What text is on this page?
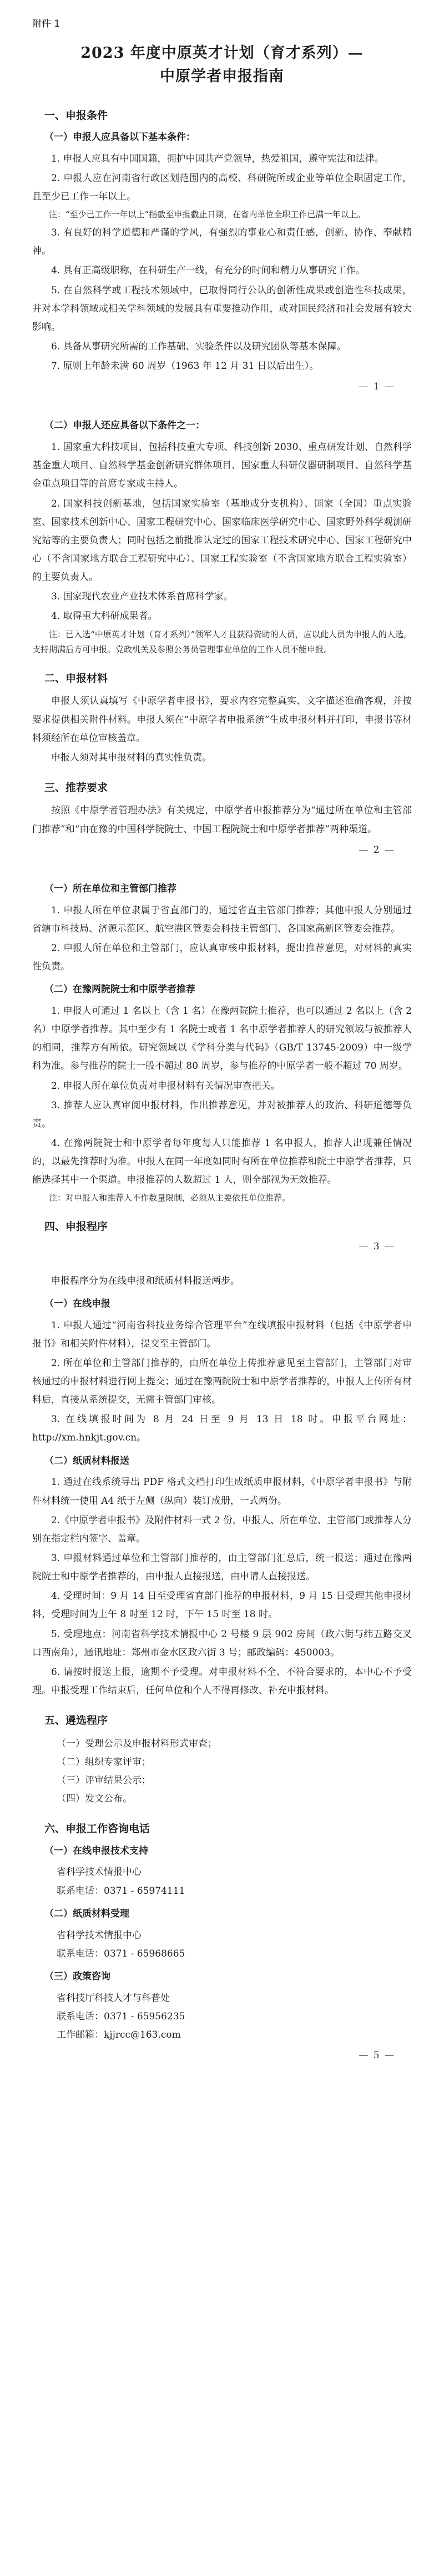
附件 1
2023 年度中原英才计划（育才系列）—
中原学者申报指南
一、申报条件
（一）申报人应具备以下基本条件：

1. 申报人应具有中国国籍，拥护中国共产党领导，热爱祖国，遵守宪法和法律。

2. 申报人应在河南省行政区划范围内的高校、科研院所或企业等单位全职固定工作，且至少已工作一年以上。

注：“至少已工作一年以上”指截至申报截止日期，在省内单位全职工作已满一年以上。

3. 有良好的科学道德和严谨的学风，有强烈的事业心和责任感，创新、协作、奉献精神。

4. 具有正高级职称，在科研生产一线，有充分的时间和精力从事研究工作。

5. 在自然科学或工程技术领域中，已取得同行公认的创新性成果或创造性科技成果，并对本学科领域或相关学科领域的发展具有重要推动作用，或对国民经济和社会发展有较大影响。

6. 具备从事研究所需的工作基础、实验条件以及研究团队等基本保障。

7. 原则上年龄未满 60 周岁（1963 年 12 月 31 日以后出生）。

— 1 —
（二）申报人还应具备以下条件之一：

1. 国家重大科技项目，包括科技重大专项、科技创新 2030、重点研发计划、自然科学基金重大项目、自然科学基金创新研究群体项目、国家重大科研仪器研制项目、自然科学基金重点项目等的首席专家或主持人。

2. 国家科技创新基地，包括国家实验室（基地或分支机构）、国家（全国）重点实验室、国家技术创新中心、国家工程研究中心、国家临床医学研究中心、国家野外科学观测研究站等的主要负责人；同时包括之前批准认定过的国家工程技术研究中心、国家工程研究中心（不含国家地方联合工程研究中心）、国家工程实验室（不含国家地方联合工程实验室）的主要负责人。

3. 国家现代农业产业技术体系首席科学家。

4. 取得重大科研成果者。

注：已入选“中原英才计划（育才系列）”领军人才且获得资助的人员，应以此人员为申报人的人选，支持期满后方可申报。党政机关及参照公务员管理事业单位的工作人员不能申报。

二、申报材料

申报人须认真填写《中原学者申报书》，要求内容完整真实、文字描述准确客观，并按要求提供相关附件材料。申报人须在“中原学者申报系统”生成申报材料并打印，申报书等材料须经所在单位审核盖章。

申报人须对其申报材料的真实性负责。

三、推荐要求

按照《中原学者管理办法》有关规定，中原学者申报推荐分为“通过所在单位和主管部门推荐”和“由在豫的中国科学院院士、中国工程院院士和中原学者推荐”两种渠道。

— 2 —
（一）所在单位和主管部门推荐

1. 申报人所在单位隶属于省直部门的，通过省直主管部门推荐；其他申报人分别通过省辖市科技局、济源示范区、航空港区管委会科技主管部门、各国家高新区管委会推荐。

2. 申报人所在单位和主管部门，应认真审核申报材料，提出推荐意见，对材料的真实性负责。

（二）在豫两院院士和中原学者推荐

1. 申报人可通过 1 名以上（含 1 名）在豫两院院士推荐，也可以通过 2 名以上（含 2 名）中原学者推荐。其中至少有 1 名院士或者 1 名中原学者推荐人的研究领域与被推荐人的相同，推荐方有所依。研究领域以《学科分类与代码》（GB/T 13745-2009）中一级学科为准。参与推荐的院士一般不超过 80 周岁，参与推荐的中原学者一般不超过 70 周岁。

2. 申报人所在单位负责对申报材料有关情况审查把关。

3. 推荐人应认真审阅申报材料，作出推荐意见，并对被推荐人的政治、科研道德等负责。

4. 在豫两院院士和中原学者每年度每人只能推荐 1 名申报人，推荐人出现兼任情况的，以最先推荐时为准。申报人在同一年度如同时有所在单位推荐和院士中原学者推荐，只能选择其中一个渠道。申报推荐的人数超过 1 人，则全部视为无效推荐。

注：对申报人和推荐人不作数量限制，必须从主要依托单位推荐。

四、申报程序
— 3 —

申报程序分为在线申报和纸质材料报送两步。

（一）在线申报

1. 申报人通过“河南省科技业务综合管理平台”在线填报申报材料（包括《中原学者申报书》和相关附件材料），提交至主管部门。

2. 所在单位和主管部门推荐的，由所在单位上传推荐意见至主管部门，主管部门对审核通过的申报材料进行网上提交；通过在豫两院院士和中原学者推荐的，申报人上传所有材料后，直接从系统提交，无需主管部门审核。

3. 在线填报时间为 8 月 24 日至 9 月 13 日 18 时。申报平台网址：http://xm.hnkjt.gov.cn。

（二）纸质材料报送

1. 通过在线系统导出 PDF 格式文档打印生成纸质申报材料，《中原学者申报书》与附件材料统一使用 A4 纸于左侧（纵向）装订成册，一式两份。

2.《中原学者申报书》及附件材料一式 2 份，申报人、所在单位、主管部门或推荐人分别在指定栏内签字、盖章。

3. 申报材料通过单位和主管部门推荐的，由主管部门汇总后，统一报送；通过在豫两院院士和中原学者推荐的，由申报人直接报送，由申请人直接报送。

4. 受理时间：9 月 14 日至受理省直部门推荐的申报材料，9 月 15 日受理其他申报材料，受理时间为上午 8 时至 12 时，下午 15 时至 18 时。

5. 受理地点：河南省科学技术情报中心 2 号楼 9 层 902 房间（政六街与纬五路交叉口西南角），通讯地址：郑州市金水区政六街 3 号；邮政编码：450003。

6. 请按时报送上报，逾期不予受理。对申报材料不全、不符合要求的，本中心不予受理。申报受理工作结束后，任何单位和个人不得再修改、补充申报材料。

五、遴选程序
（一）受理公示及申报材料形式审查；
（二）组织专家评审；
（三）评审结果公示；
（四）发文公布。
六、申报工作咨询电话
（一）在线申报技术支持
省科学技术情报中心
联系电话：0371 - 65974111
（二）纸质材料受理
省科学技术情报中心
联系电话：0371 - 65968665
（三）政策咨询
省科技厅科技人才与科普处
联系电话：0371 - 65956235
工作邮箱：kjjrcc@163.com
— 5 —
